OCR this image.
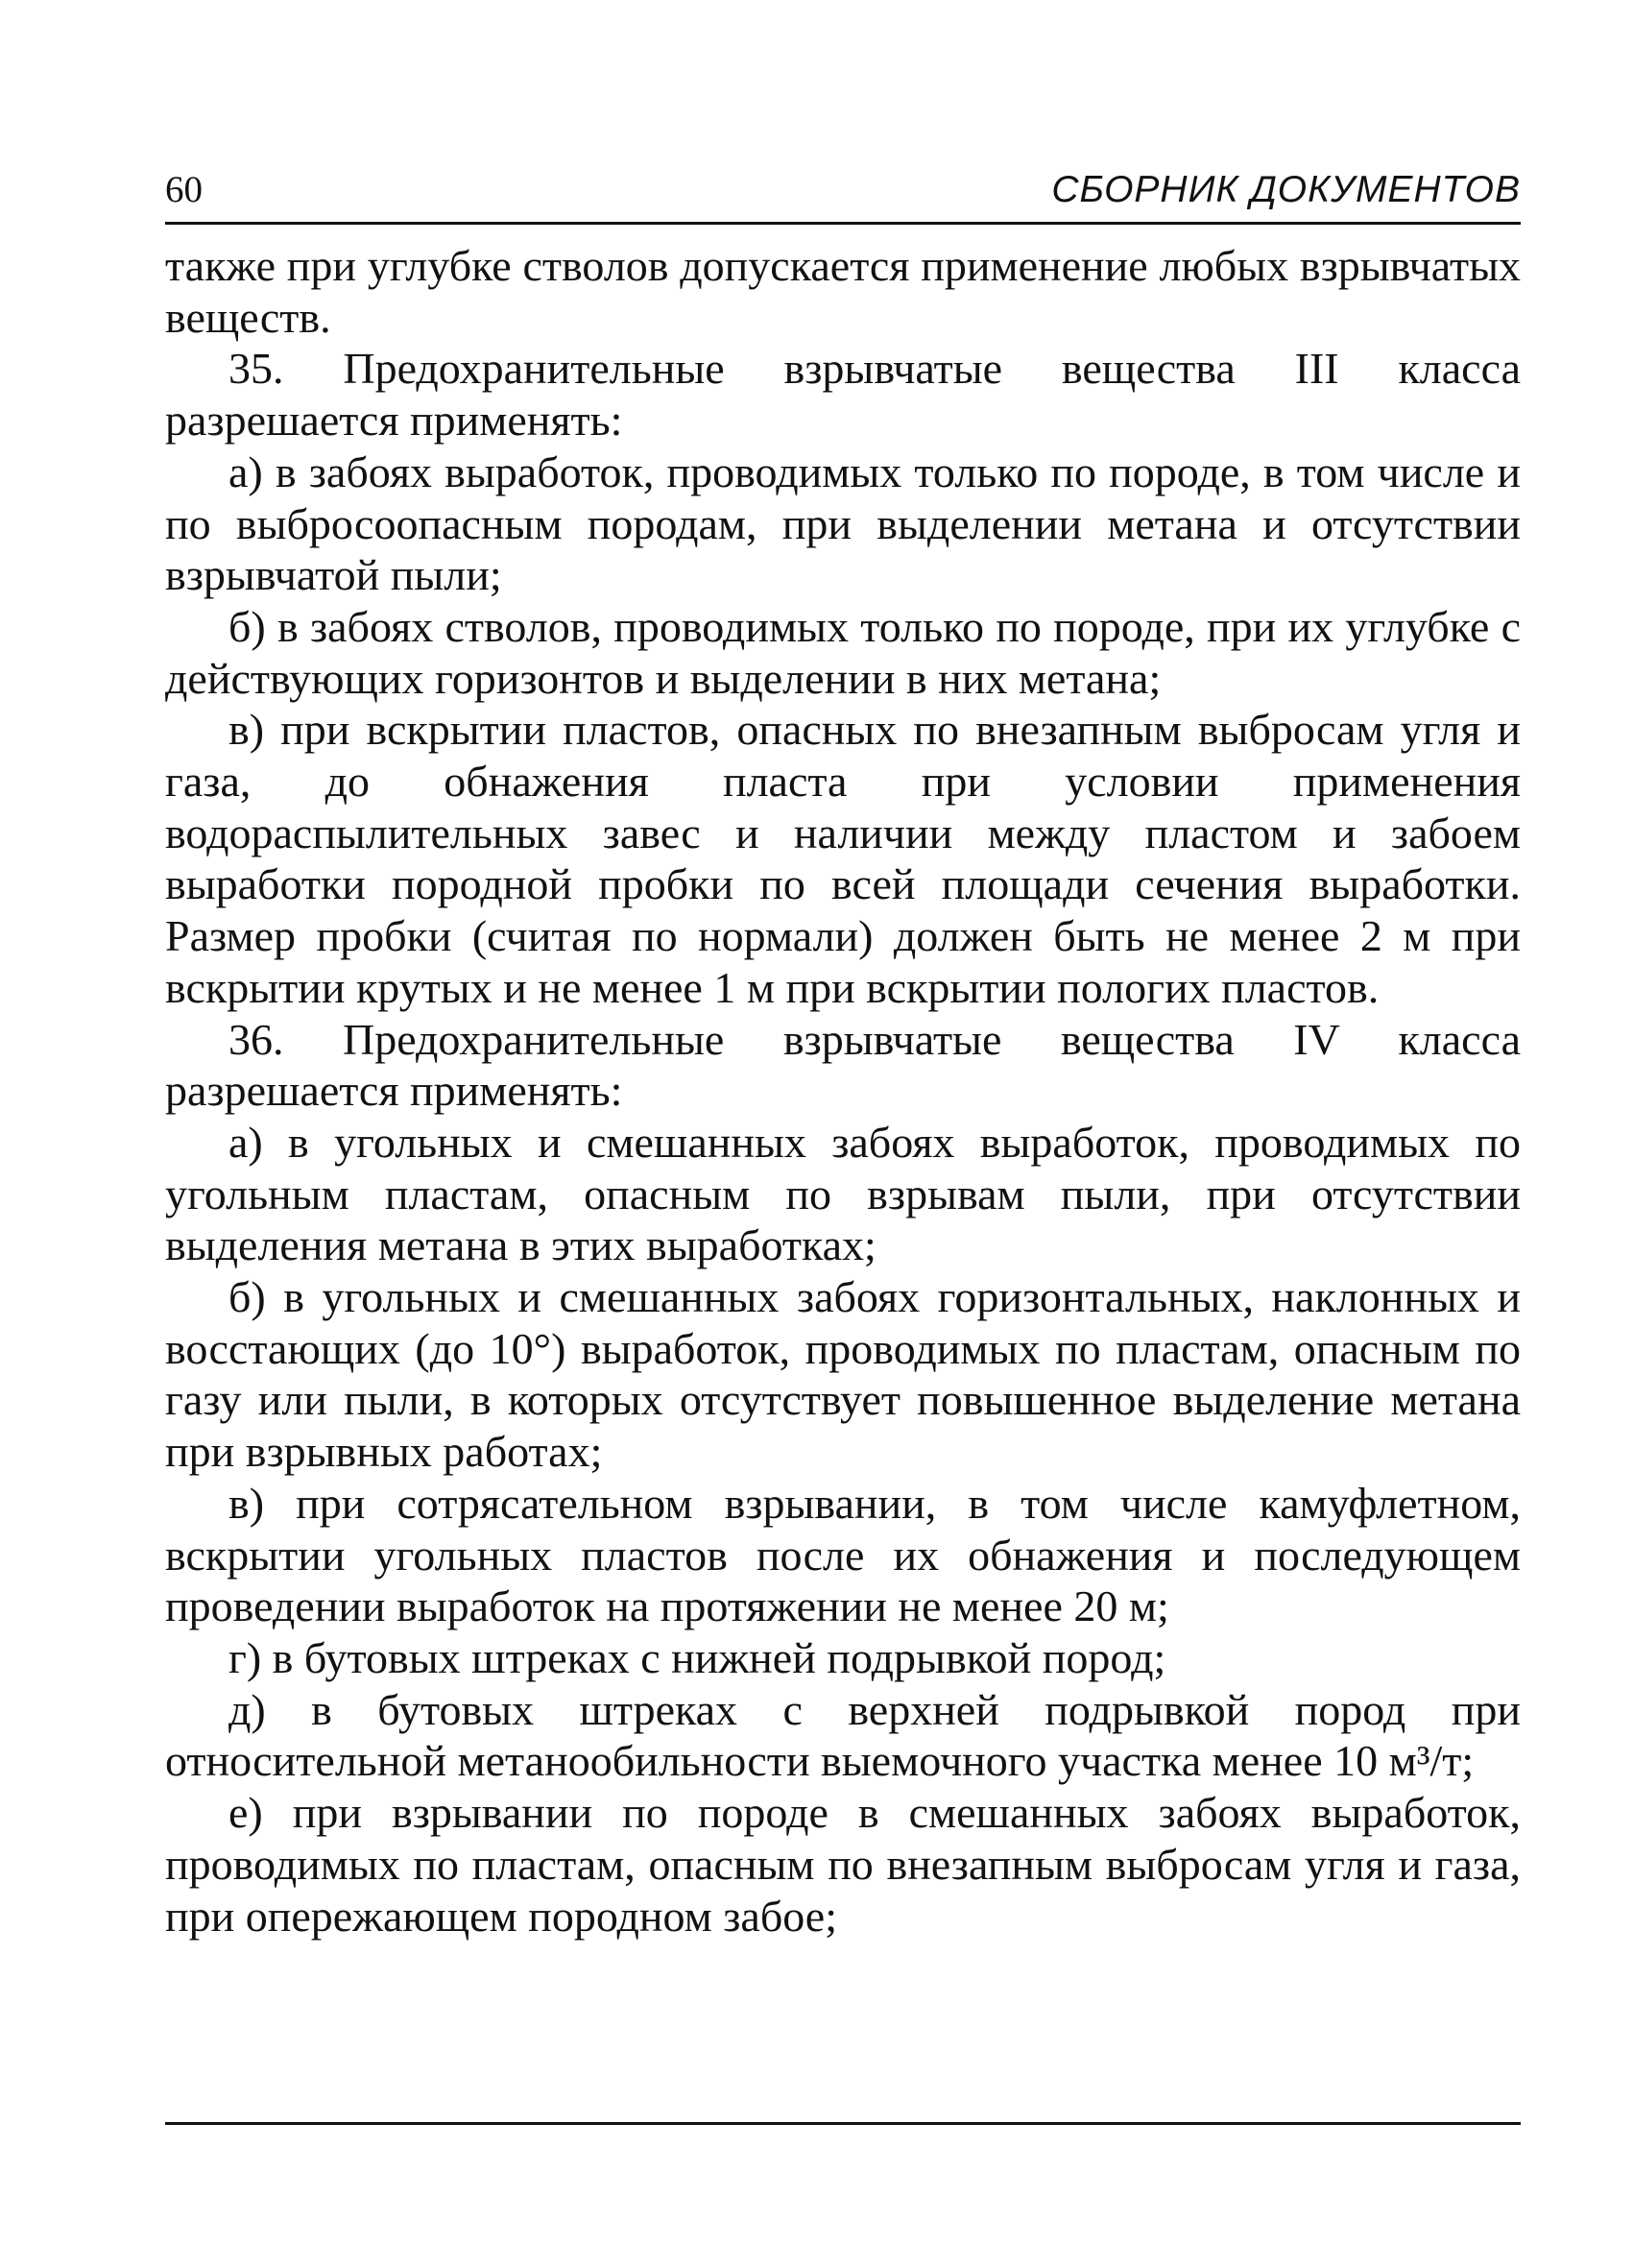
60	СБОРНИК ДОКУМЕНТОВ

также при углубке стволов допускается применение любых взрывчатых веществ.

35. Предохранительные взрывчатые вещества III класса разрешается применять:

а) в забоях выработок, проводимых только по породе, в том числе и по выбросоопасным породам, при выделении метана и отсутствии взрывчатой пыли;

б) в забоях стволов, проводимых только по породе, при их углубке с действующих горизонтов и выделении в них метана;

в) при вскрытии пластов, опасных по внезапным выбросам угля и газа, до обнажения пласта при условии применения водораспылительных завес и наличии между пластом и забоем выработки породной пробки по всей площади сечения выработки. Размер пробки (считая по нормали) должен быть не менее 2 м при вскрытии крутых и не менее 1 м при вскрытии пологих пластов.

36. Предохранительные взрывчатые вещества IV класса разрешается применять:

а) в угольных и смешанных забоях выработок, проводимых по угольным пластам, опасным по взрывам пыли, при отсутствии выделения метана в этих выработках;

б) в угольных и смешанных забоях горизонтальных, наклонных и восстающих (до 10°) выработок, проводимых по пластам, опасным по газу или пыли, в которых отсутствует повышенное выделение метана при взрывных работах;

в) при сотрясательном взрывании, в том числе камуфлетном, вскрытии угольных пластов после их обнажения и последующем проведении выработок на протяжении не менее 20 м;

г) в бутовых штреках с нижней подрывкой пород;

д) в бутовых штреках с верхней подрывкой пород при относительной метанообильности выемочного участка менее 10 м³/т;

е) при взрывании по породе в смешанных забоях выработок, проводимых по пластам, опасным по внезапным выбросам угля и газа, при опережающем породном забое;
